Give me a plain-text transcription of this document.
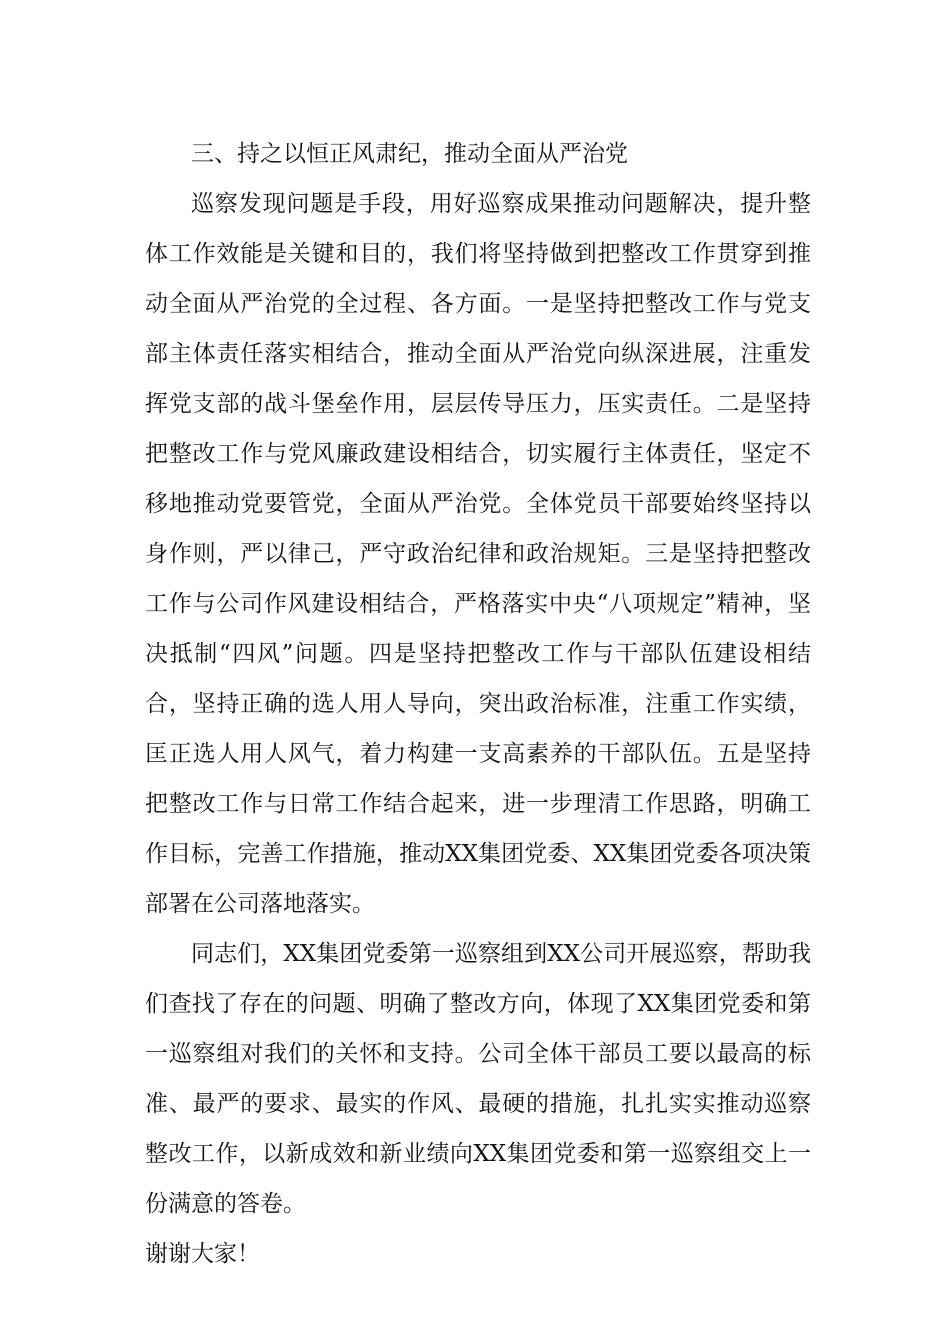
三、持之以恒正风肃纪，推动全面从严治党

巡察发现问题是手段，用好巡察成果推动问题解决，提升整体工作效能是关键和目的，我们将坚持做到把整改工作贯穿到推动全面从严治党的全过程、各方面。一是坚持把整改工作与党支部主体责任落实相结合，推动全面从严治党向纵深进展，注重发挥党支部的战斗堡垒作用，层层传导压力，压实责任。二是坚持把整改工作与党风廉政建设相结合，切实履行主体责任，坚定不移地推动党要管党，全面从严治党。全体党员干部要始终坚持以身作则，严以律己，严守政治纪律和政治规矩。三是坚持把整改工作与公司作风建设相结合，严格落实中央“八项规定”精神，坚决抵制“四风”问题。四是坚持把整改工作与干部队伍建设相结合，坚持正确的选人用人导向，突出政治标准，注重工作实绩，匡正选人用人风气，着力构建一支高素养的干部队伍。五是坚持把整改工作与日常工作结合起来，进一步理清工作思路，明确工作目标，完善工作措施，推动XX集团党委、XX集团党委各项决策部署在公司落地落实。

同志们，XX集团党委第一巡察组到XX公司开展巡察，帮助我们查找了存在的问题、明确了整改方向，体现了XX集团党委和第一巡察组对我们的关怀和支持。公司全体干部员工要以最高的标准、最严的要求、最实的作风、最硬的措施，扎扎实实推动巡察整改工作，以新成效和新业绩向XX集团党委和第一巡察组交上一份满意的答卷。

谢谢大家！
